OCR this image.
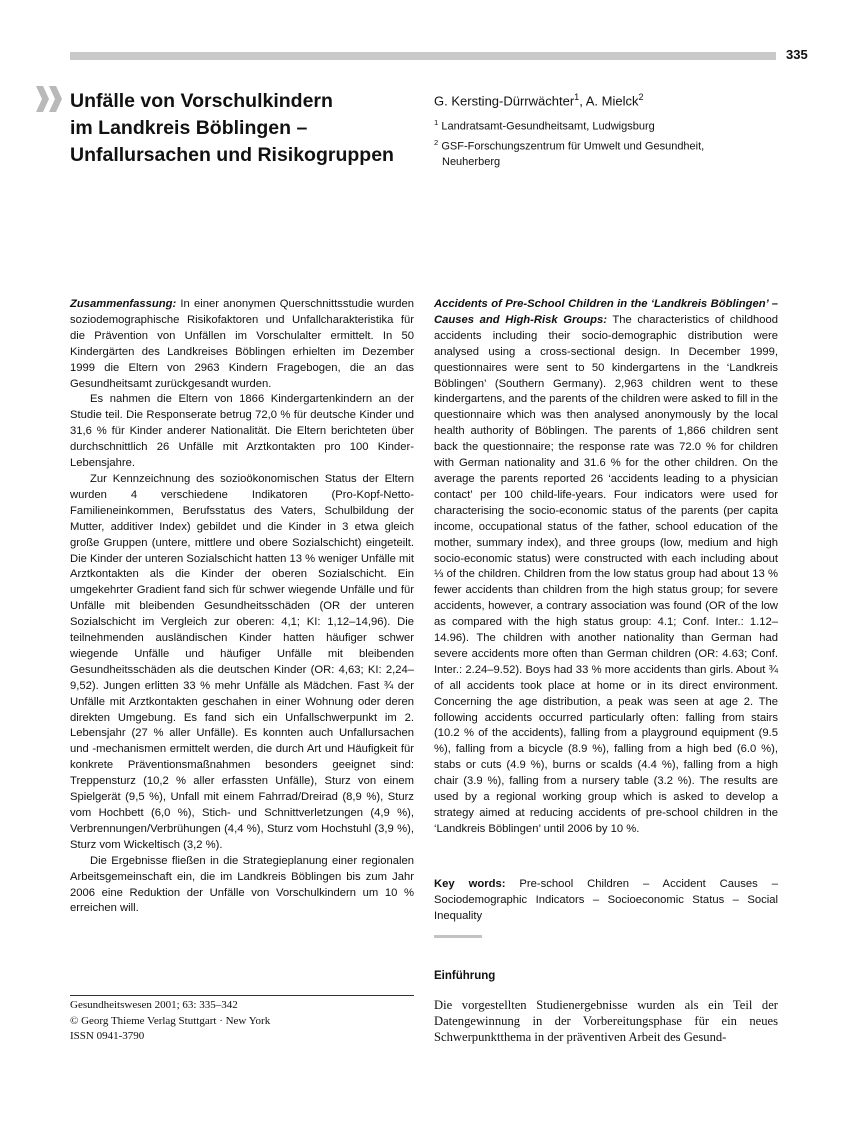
335
Unfälle von Vorschulkindern
im Landkreis Böblingen –
Unfallursachen und Risikogruppen
G. Kersting-Dürrwächter$^1$, A. Mielck$^2$
$^1$ Landratsamt-Gesundheitsamt, Ludwigsburg
$^2$ GSF-Forschungszentrum für Umwelt und Gesundheit,
Neuherberg

Zusammenfassung: In einer anonymen Querschnittsstudie wurden soziodemographische Risikofaktoren und Unfallcharakteristika für die Prävention von Unfällen im Vorschulalter ermittelt. In 50 Kindergärten des Landkreises Böblingen erhielten im Dezember 1999 die Eltern von 2963 Kindern Fragebogen, die an das Gesundheitsamt zurückgesandt wurden.

Es nahmen die Eltern von 1866 Kindergartenkindern an der Studie teil. Die Responserate betrug 72,0 % für deutsche Kinder und 31,6 % für Kinder anderer Nationalität. Die Eltern berichteten über durchschnittlich 26 Unfälle mit Arztkontakten pro 100 Kinder-Lebensjahre.

Zur Kennzeichnung des sozioökonomischen Status der Eltern wurden 4 verschiedene Indikatoren (Pro-Kopf-Netto-Familieneinkommen, Berufsstatus des Vaters, Schulbildung der Mutter, additiver Index) gebildet und die Kinder in 3 etwa gleich große Gruppen (untere, mittlere und obere Sozialschicht) eingeteilt. Die Kinder der unteren Sozialschicht hatten 13 % weniger Unfälle mit Arztkontakten als die Kinder der oberen Sozialschicht. Ein umgekehrter Gradient fand sich für schwer wiegende Unfälle und für Unfälle mit bleibenden Gesundheitsschäden (OR der unteren Sozialschicht im Vergleich zur oberen: 4,1; KI: 1,12–14,96). Die teilnehmenden ausländischen Kinder hatten häufiger schwer wiegende Unfälle und häufiger Unfälle mit bleibenden Gesundheitsschäden als die deutschen Kinder (OR: 4,63; KI: 2,24–9,52). Jungen erlitten 33 % mehr Unfälle als Mädchen. Fast ¾ der Unfälle mit Arztkontakten geschahen in einer Wohnung oder deren direkten Umgebung. Es fand sich ein Unfallschwerpunkt im 2. Lebensjahr (27 % aller Unfälle). Es konnten auch Unfallursachen und -mechanismen ermittelt werden, die durch Art und Häufigkeit für konkrete Präventionsmaßnahmen besonders geeignet sind: Treppensturz (10,2 % aller erfassten Unfälle), Sturz von einem Spielgerät (9,5 %), Unfall mit einem Fahrrad/Dreirad (8,9 %), Sturz vom Hochbett (6,0 %), Stich- und Schnittverletzungen (4,9 %), Verbrennungen/Verbrühungen (4,4 %), Sturz vom Hochstuhl (3,9 %), Sturz vom Wickeltisch (3,2 %).

Die Ergebnisse fließen in die Strategieplanung einer regionalen Arbeitsgemeinschaft ein, die im Landkreis Böblingen bis zum Jahr 2006 eine Reduktion der Unfälle von Vorschulkindern um 10 % erreichen will.

Accidents of Pre-School Children in the ‘Landkreis Böblingen’ – Causes and High-Risk Groups: The characteristics of childhood accidents including their socio-demographic distribution were analysed using a cross-sectional design. In December 1999, questionnaires were sent to 50 kindergartens in the ‘Landkreis Böblingen’ (Southern Germany). 2,963 children went to these kindergartens, and the parents of the children were asked to fill in the questionnaire which was then analysed anonymously by the local health authority of Böblingen. The parents of 1,866 children sent back the questionnaire; the response rate was 72.0 % for children with German nationality and 31.6 % for the other children. On the average the parents reported 26 ‘accidents leading to a physician contact’ per 100 child-life-years. Four indicators were used for characterising the socio-economic status of the parents (per capita income, occupational status of the father, school education of the mother, summary index), and three groups (low, medium and high socio-economic status) were constructed with each including about ⅓ of the children. Children from the low status group had about 13 % fewer accidents than children from the high status group; for severe accidents, however, a contrary association was found (OR of the low as compared with the high status group: 4.1; Conf. Inter.: 1.12–14.96). The children with another nationality than German had severe accidents more often than German children (OR: 4.63; Conf. Inter.: 2.24–9.52). Boys had 33 % more accidents than girls. About ¾ of all accidents took place at home or in its direct environment. Concerning the age distribution, a peak was seen at age 2. The following accidents occurred particularly often: falling from stairs (10.2 % of the accidents), falling from a playground equipment (9.5 %), falling from a bicycle (8.9 %), falling from a high bed (6.0 %), stabs or cuts (4.9 %), burns or scalds (4.4 %), falling from a high chair (3.9 %), falling from a nursery table (3.2 %). The results are used by a regional working group which is asked to develop a strategy aimed at reducing accidents of pre-school children in the ‘Landkreis Böblingen’ until 2006 by 10 %.

Key words: Pre-school Children – Accident Causes – Sociodemographic Indicators – Socioeconomic Status – Social Inequality
Einführung
Die vorgestellten Studienergebnisse wurden als ein Teil der Datengewinnung in der Vorbereitungsphase für ein neues Schwerpunktthema in der präventiven Arbeit des Gesund-
Gesundheitswesen 2001; 63: 335–342
© Georg Thieme Verlag Stuttgart · New York
ISSN 0941-3790
